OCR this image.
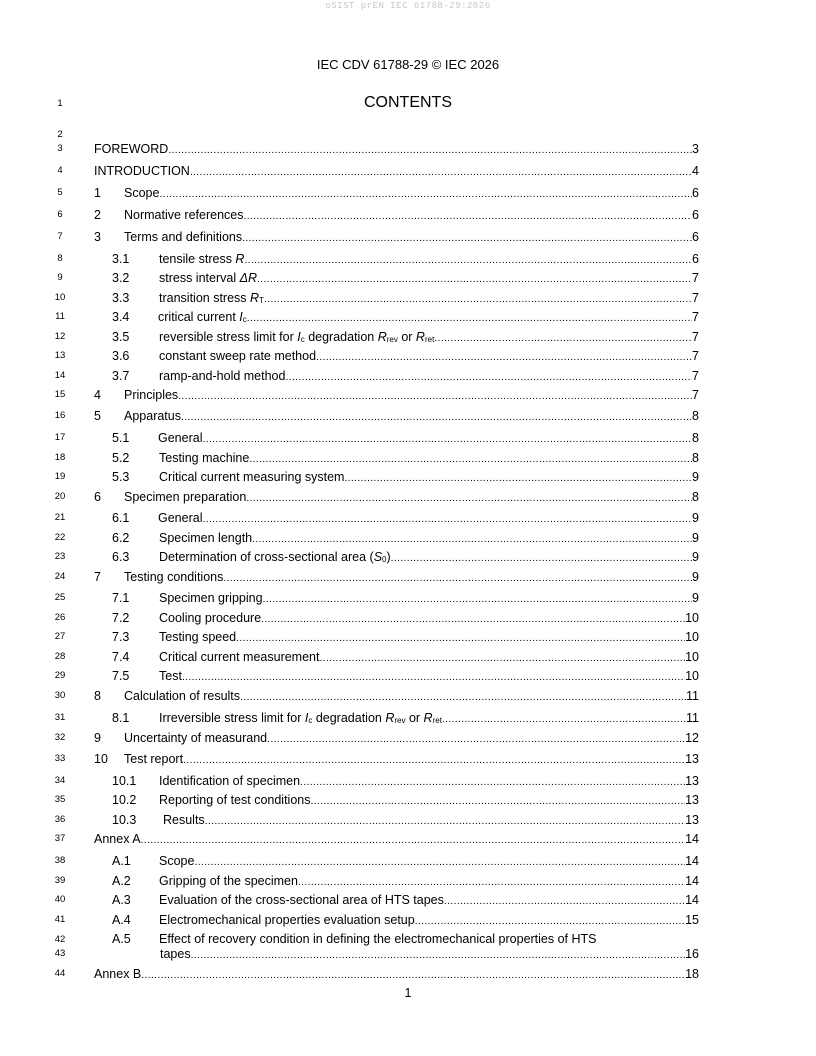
oSIST prEN IEC 61788-29:2026
IEC CDV 61788-29 © IEC 2026
CONTENTS
1
2
3
4
5
6
7
8
9
10
11
12
13
14
15
16
17
18
19
20
21
22
23
24
25
26
27
28
29
30
31
32
33
34
35
36
37
38
39
40
41
42
43
44
FOREWORD .....	3
INTRODUCTION .....	4
1	Scope .....	6
2	Normative references .....	6
3	Terms and definitions .....	6
3.1	tensile stress R .....	6
3.2	stress interval ΔR .....	7
3.3	transition stress $R_T$ .....	7
3.4	critical current $I_c$ .....	7
3.5	reversible stress limit for $I_c$ degradation $R_{rev}$ or $R_{ret}$ .....	7
3.6	constant sweep rate method .....	7
3.7	ramp-and-hold method .....	7
4	Principles .....	7
5	Apparatus .....	8
5.1	General .....	8
5.2	Testing machine .....	8
5.3	Critical current measuring system .....	9
6	Specimen preparation .....	8
6.1	General .....	9
6.2	Specimen length .....	9
6.3	Determination of cross-sectional area $(S_0)$ .....	9
7	Testing conditions .....	9
7.1	Specimen gripping .....	9
7.2	Cooling procedure .....	10
7.3	Testing speed .....	10
7.4	Critical current measurement .....	10
7.5	Test .....	10
8	Calculation of results .....	11
8.1	Irreversible stress limit for $I_c$ degradation $R_{rev}$ or $R_{ret}$ .....	11
9	Uncertainty of measurand .....	12
10	Test report .....	13
10.1	Identification of specimen .....	13
10.2	Reporting of test conditions .....	13
10.3	Results .....	13
Annex A .....	14
A.1	Scope .....	14
A.2	Gripping of the specimen .....	14
A.3	Evaluation of the cross-sectional area of HTS tapes .....	14
A.4	Electromechanical properties evaluation setup .....	15
A.5 Effect of recovery condition in defining the electromechanical properties of HTS
tapes .....	16
Annex B .....	18
1
